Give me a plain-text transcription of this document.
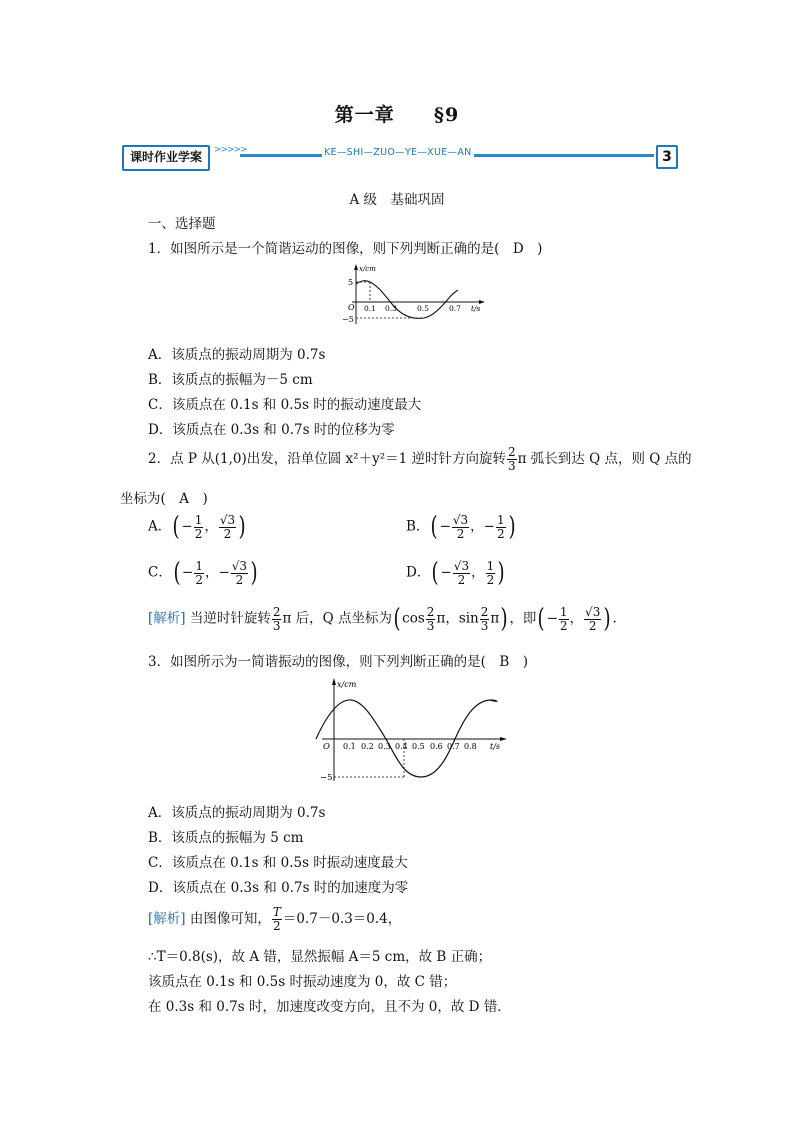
第一章 §9
课时作业学案	>>>>>	KE—SHI—ZUO—YE—XUE—AN	3
A 级　基础巩固
一、选择题
1．如图所示是一个简谐运动的图像，则下列判断正确的是(　D　)
x/cm
5
−5
O 0.1 0.3	0.5	0.7 t/s
A．该质点的振动周期为 0.7s
B．该质点的振幅为－5 cm
C．该质点在 0.1s 和 0.5s 时的振动速度最大
D．该质点在 0.3s 和 0.7s 时的位移为零
2．点 P 从(1,0)出发，沿单位圆 x²＋y²＝1 逆时针方向旋转 $\frac{2}{3}$ π 弧长到达 Q 点，则 Q 点的
坐标为(　A　)
A．( − $\frac{1}{2}$ ， $\frac{√3}{2}$ )	B．( − $\frac{√3}{2}$ ，− $\frac{1}{2}$ )
C．( − $\frac{1}{2}$ ，− $\frac{√3}{2}$ )	D．( − $\frac{√3}{2}$ ， $\frac{1}{2}$ )
[解析] 当逆时针旋转 $\frac{2}{3}$ π 后，Q 点坐标为( $\cos \frac{2}{3}$ π，$\sin \frac{2}{3} \pi$) ，即( − $\frac{1}{2}$ ， $\frac{√3}{2}$ ) .
3．如图所示为一简谐振动的图像，则下列判断正确的是(　B　)
x/cm
O
−5
0.1 0.2 0.3 0.4 0.5 0.6 0.7 0.8 t/s
A．该质点的振动周期为 0.7s
B．该质点的振幅为 5 cm
C．该质点在 0.1s 和 0.5s 时振动速度最大
D．该质点在 0.3s 和 0.7s 时的加速度为零
[解析] 由图像可知， $\frac{T}{2} =0.7-0.3=0.4$，
∴T＝0.8(s)，故 A 错，显然振幅 A＝5 cm，故 B 正确；
该质点在 0.1s 和 0.5s 时振动速度为 0，故 C 错；
在 0.3s 和 0.7s 时，加速度改变方向，且不为 0，故 D 错．
